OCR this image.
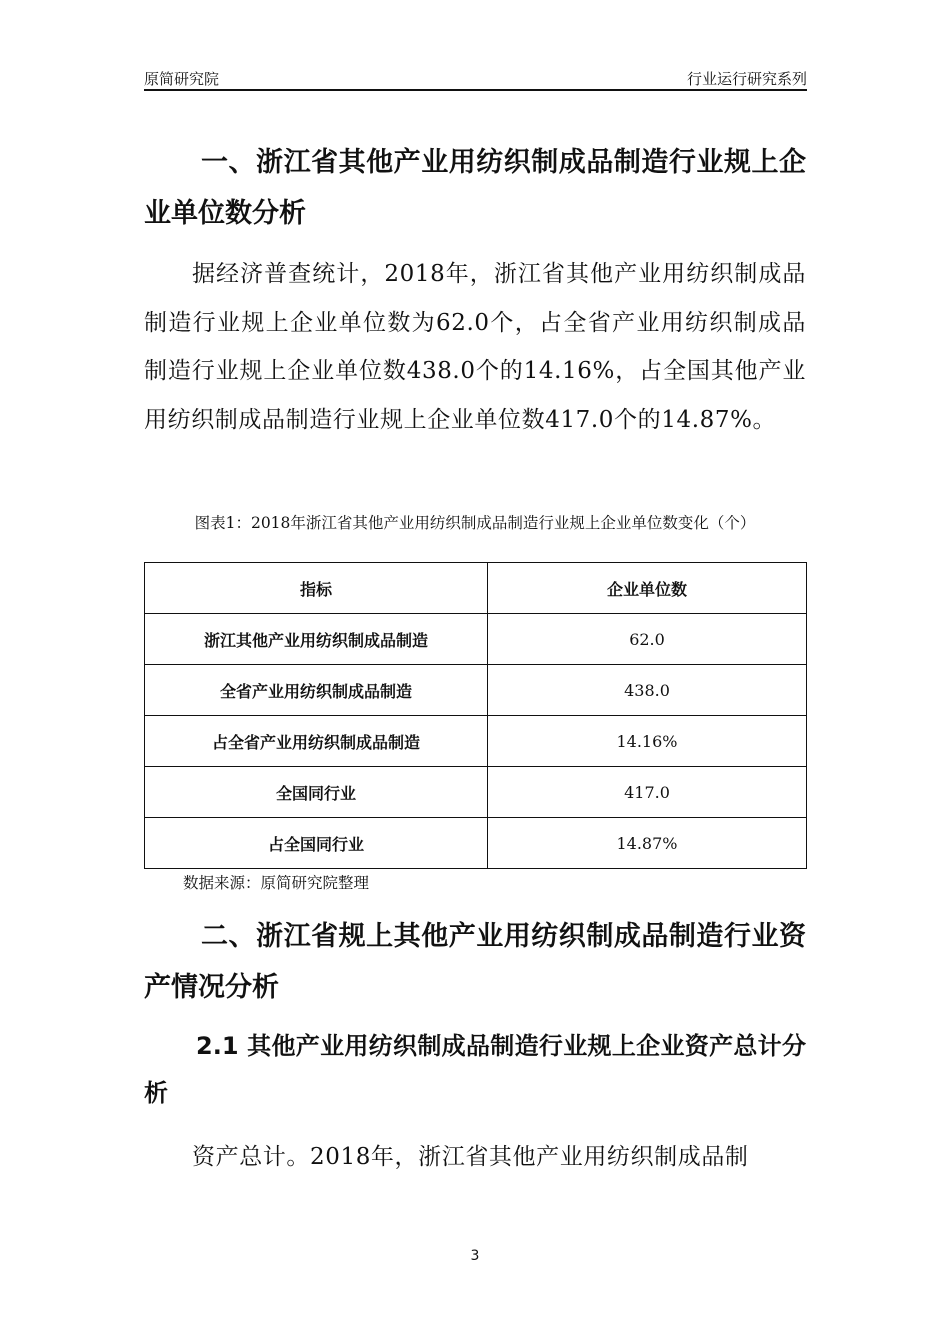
原简研究院	行业运行研究系列
一、浙江省其他产业用纺织制成品制造行业规上企业单位数分析
据经济普查统计，2018年，浙江省其他产业用纺织制成品制造行业规上企业单位数为62.0个，占全省产业用纺织制成品制造行业规上企业单位数438.0个的14.16%，占全国其他产业用纺织制成品制造行业规上企业单位数417.0个的14.87%。
图表1：2018年浙江省其他产业用纺织制成品制造行业规上企业单位数变化（个）
指标	企业单位数
浙江其他产业用纺织制成品制造	62.0
全省产业用纺织制成品制造	438.0
占全省产业用纺织制成品制造	14.16%
全国同行业	417.0
占全国同行业	14.87%
数据来源：原简研究院整理
二、浙江省规上其他产业用纺织制成品制造行业资产情况分析
2.1 其他产业用纺织制成品制造行业规上企业资产总计分析
资产总计。2018年，浙江省其他产业用纺织制成品制
3
